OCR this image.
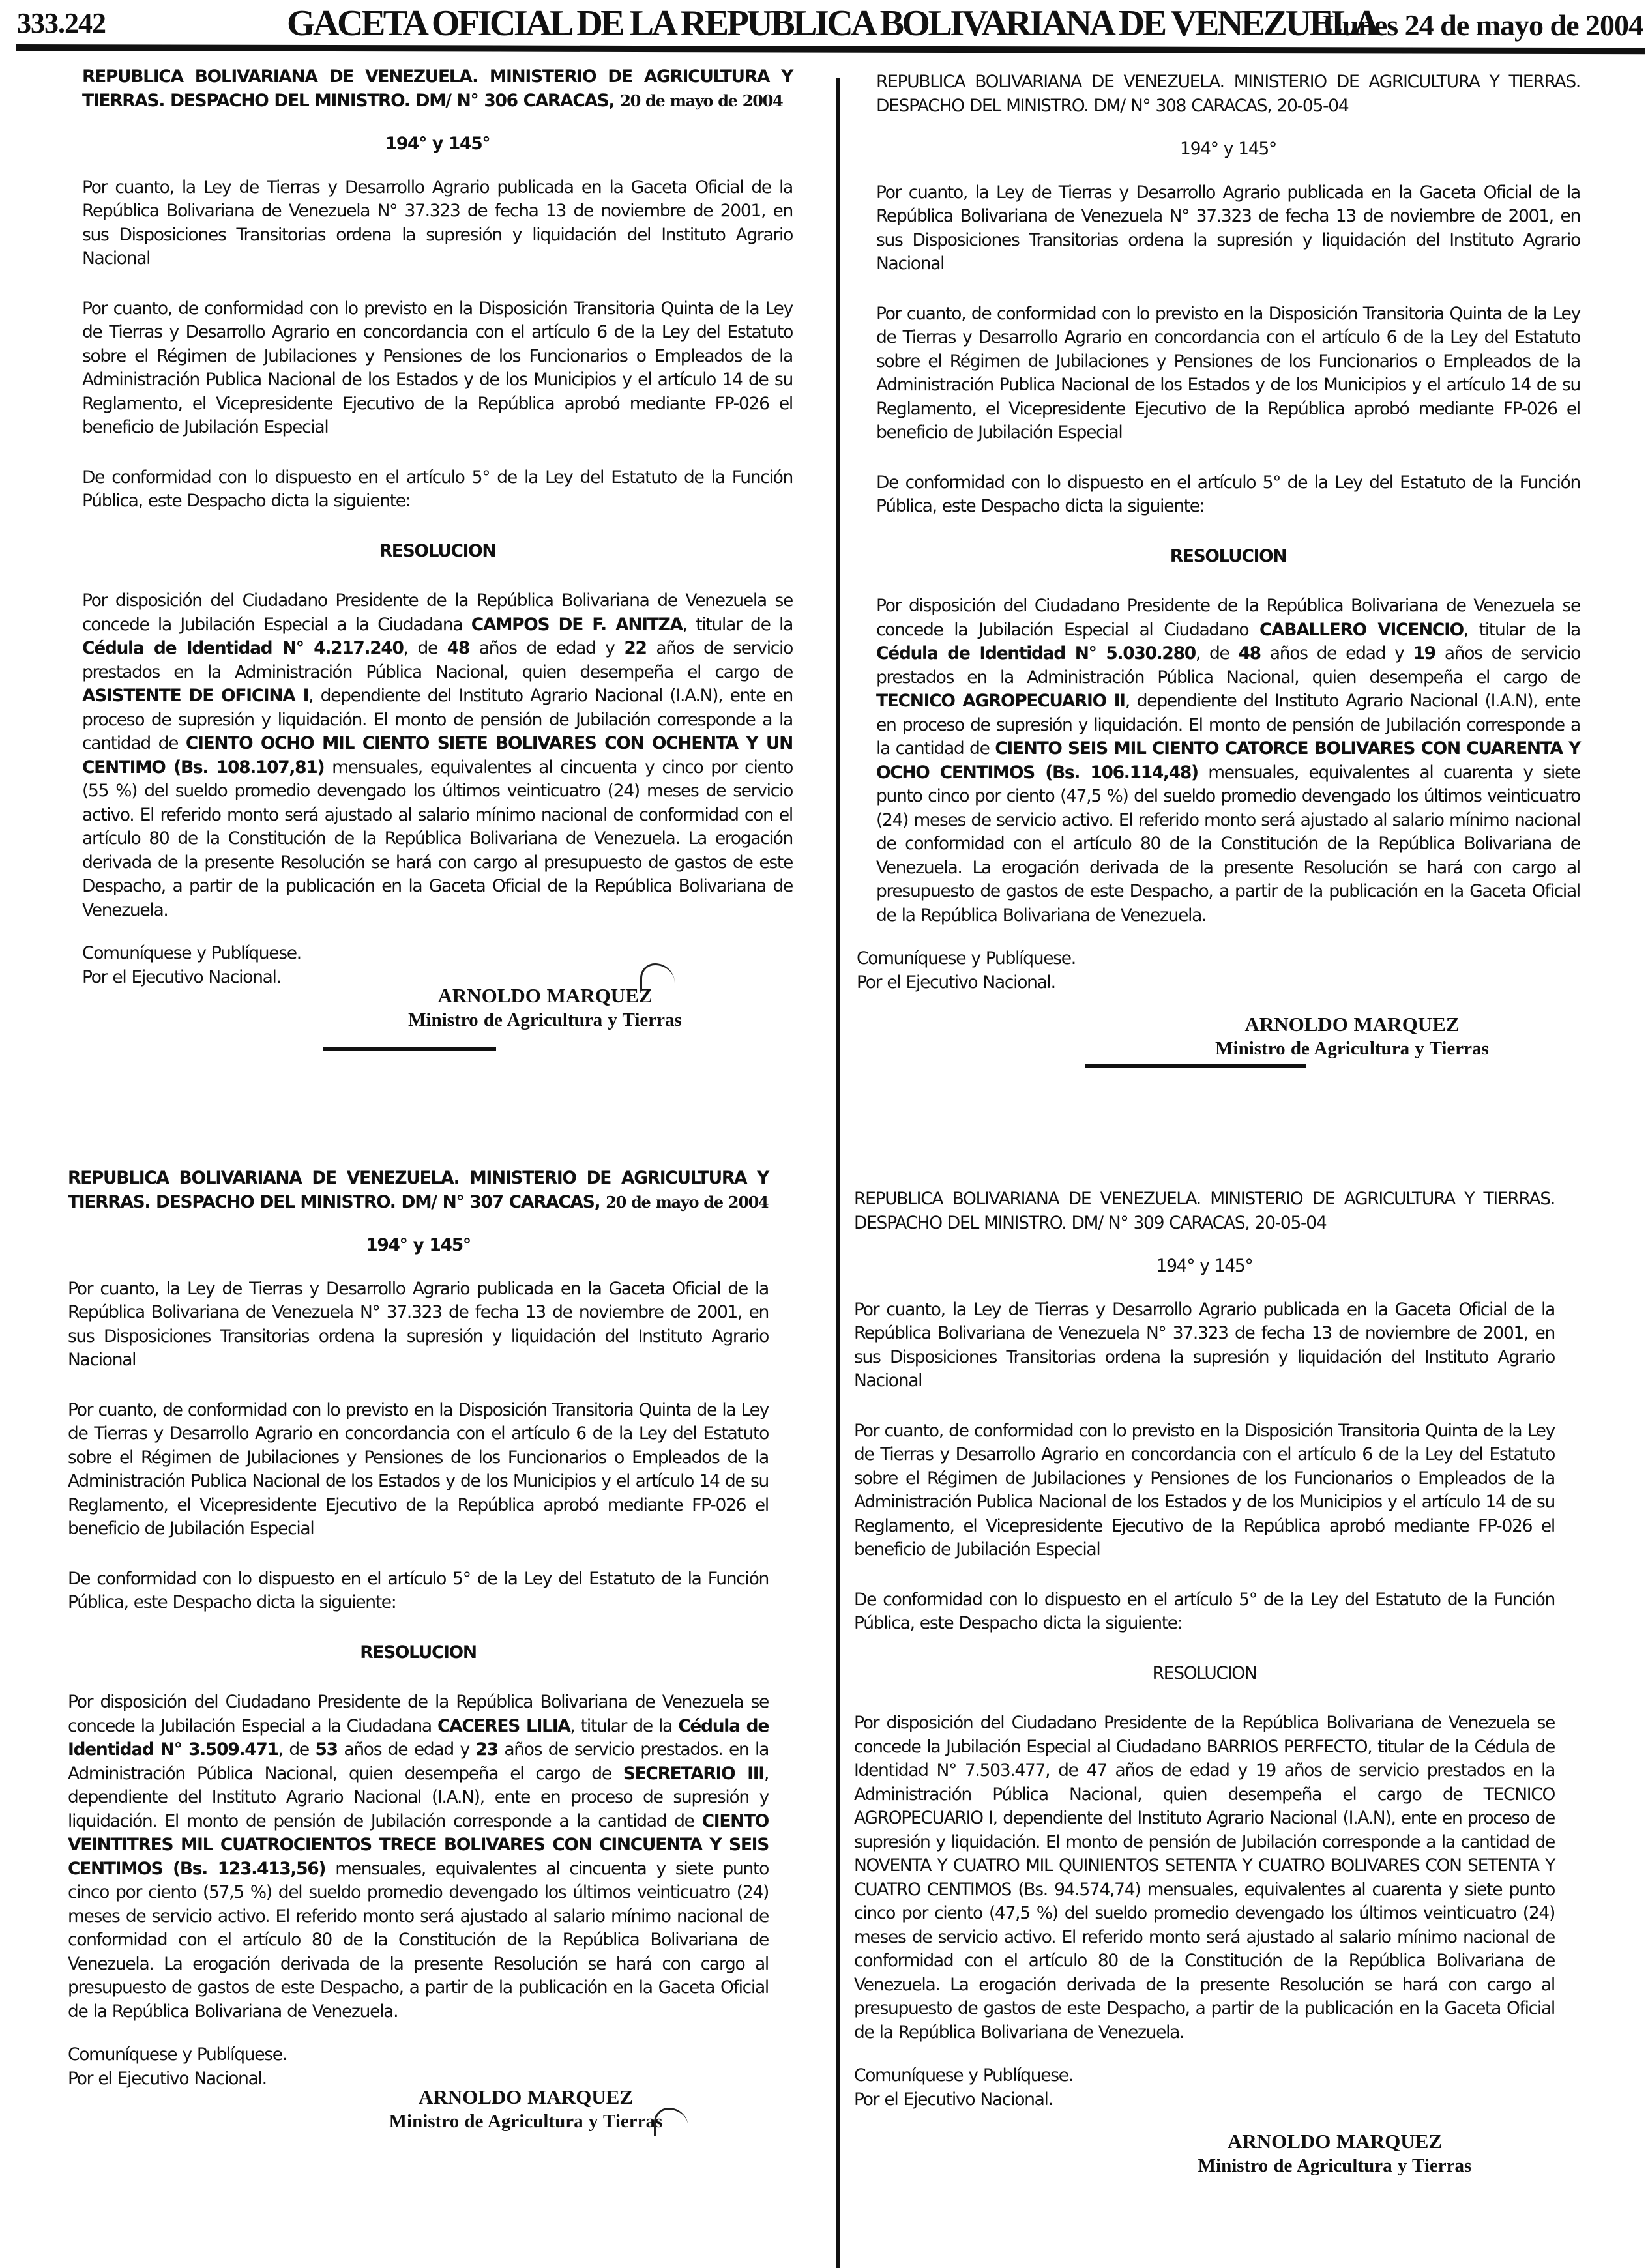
333.242	GACETA OFICIAL DE LA REPUBLICA BOLIVARIANA DE VENEZUELA
Lunes 24 de mayo de 2004
REPUBLICA BOLIVARIANA DE VENEZUELA. MINISTERIO DE AGRICULTURA Y TIERRAS. DESPACHO DEL MINISTRO. DM/ N° 306 CARACAS, 20 de mayo de 2004
194° y 145°
Por cuanto, la Ley de Tierras y Desarrollo Agrario publicada en la Gaceta Oficial de la República Bolivariana de Venezuela N° 37.323 de fecha 13 de noviembre de 2001, en sus Disposiciones Transitorias ordena la supresión y liquidación del Instituto Agrario Nacional
Por cuanto, de conformidad con lo previsto en la Disposición Transitoria Quinta de la Ley de Tierras y Desarrollo Agrario en concordancia con el artículo 6 de la Ley del Estatuto sobre el Régimen de Jubilaciones y Pensiones de los Funcionarios o Empleados de la Administración Publica Nacional de los Estados y de los Municipios y el artículo 14 de su Reglamento, el Vicepresidente Ejecutivo de la República aprobó mediante FP-026 el beneficio de Jubilación Especial
De conformidad con lo dispuesto en el artículo 5° de la Ley del Estatuto de la Función Pública, este Despacho dicta la siguiente:
RESOLUCION
Por disposición del Ciudadano Presidente de la República Bolivariana de Venezuela se concede la Jubilación Especial a la Ciudadana CAMPOS DE F. ANITZA, titular de la Cédula de Identidad N° 4.217.240, de 48 años de edad y 22 años de servicio prestados en la Administración Pública Nacional, quien desempeña el cargo de ASISTENTE DE OFICINA I, dependiente del Instituto Agrario Nacional (I.A.N), ente en proceso de supresión y liquidación. El monto de pensión de Jubilación corresponde a la cantidad de CIENTO OCHO MIL CIENTO SIETE BOLIVARES CON OCHENTA Y UN CENTIMO (Bs. 108.107,81) mensuales, equivalentes al cincuenta y cinco por ciento (55 %) del sueldo promedio devengado los últimos veinticuatro (24) meses de servicio activo. El referido monto será ajustado al salario mínimo nacional de conformidad con el artículo 80 de la Constitución de la República Bolivariana de Venezuela. La erogación derivada de la presente Resolución se hará con cargo al presupuesto de gastos de este Despacho, a partir de la publicación en la Gaceta Oficial de la República Bolivariana de Venezuela.
Comuníquese y Publíquese.
Por el Ejecutivo Nacional.
ARNOLDO MARQUEZ
Ministro de Agricultura y Tierras
REPUBLICA BOLIVARIANA DE VENEZUELA. MINISTERIO DE AGRICULTURA Y TIERRAS. DESPACHO DEL MINISTRO. DM/ N° 307 CARACAS, 20 de mayo de 2004
194° y 145°
Por cuanto, la Ley de Tierras y Desarrollo Agrario publicada en la Gaceta Oficial de la República Bolivariana de Venezuela N° 37.323 de fecha 13 de noviembre de 2001, en sus Disposiciones Transitorias ordena la supresión y liquidación del Instituto Agrario Nacional
Por cuanto, de conformidad con lo previsto en la Disposición Transitoria Quinta de la Ley de Tierras y Desarrollo Agrario en concordancia con el artículo 6 de la Ley del Estatuto sobre el Régimen de Jubilaciones y Pensiones de los Funcionarios o Empleados de la Administración Publica Nacional de los Estados y de los Municipios y el artículo 14 de su Reglamento, el Vicepresidente Ejecutivo de la República aprobó mediante FP-026 el beneficio de Jubilación Especial
De conformidad con lo dispuesto en el artículo 5° de la Ley del Estatuto de la Función Pública, este Despacho dicta la siguiente:
RESOLUCION
Por disposición del Ciudadano Presidente de la República Bolivariana de Venezuela se concede la Jubilación Especial a la Ciudadana CACERES LILIA, titular de la Cédula de Identidad N° 3.509.471, de 53 años de edad y 23 años de servicio prestados. en la Administración Pública Nacional, quien desempeña el cargo de SECRETARIO III, dependiente del Instituto Agrario Nacional (I.A.N), ente en proceso de supresión y liquidación. El monto de pensión de Jubilación corresponde a la cantidad de CIENTO VEINTITRES MIL CUATROCIENTOS TRECE BOLIVARES CON CINCUENTA Y SEIS CENTIMOS (Bs. 123.413,56) mensuales, equivalentes al cincuenta y siete punto cinco por ciento (57,5 %) del sueldo promedio devengado los últimos veinticuatro (24) meses de servicio activo. El referido monto será ajustado al salario mínimo nacional de conformidad con el artículo 80 de la Constitución de la República Bolivariana de Venezuela. La erogación derivada de la presente Resolución se hará con cargo al presupuesto de gastos de este Despacho, a partir de la publicación en la Gaceta Oficial de la República Bolivariana de Venezuela.
Comuníquese y Publíquese.
Por el Ejecutivo Nacional.
ARNOLDO MARQUEZ
Ministro de Agricultura y Tierras
REPUBLICA BOLIVARIANA DE VENEZUELA. MINISTERIO DE AGRICULTURA Y TIERRAS. DESPACHO DEL MINISTRO. DM/ N° 308 CARACAS, 20-05-04
194° y 145°
Por cuanto, la Ley de Tierras y Desarrollo Agrario publicada en la Gaceta Oficial de la República Bolivariana de Venezuela N° 37.323 de fecha 13 de noviembre de 2001, en sus Disposiciones Transitorias ordena la supresión y liquidación del Instituto Agrario Nacional
Por cuanto, de conformidad con lo previsto en la Disposición Transitoria Quinta de la Ley de Tierras y Desarrollo Agrario en concordancia con el artículo 6 de la Ley del Estatuto sobre el Régimen de Jubilaciones y Pensiones de los Funcionarios o Empleados de la Administración Publica Nacional de los Estados y de los Municipios y el artículo 14 de su Reglamento, el Vicepresidente Ejecutivo de la República aprobó mediante FP-026 el beneficio de Jubilación Especial
De conformidad con lo dispuesto en el artículo 5° de la Ley del Estatuto de la Función Pública, este Despacho dicta la siguiente:
RESOLUCION
Por disposición del Ciudadano Presidente de la República Bolivariana de Venezuela se concede la Jubilación Especial al Ciudadano CABALLERO VICENCIO, titular de la Cédula de Identidad N° 5.030.280, de 48 años de edad y 19 años de servicio prestados en la Administración Pública Nacional, quien desempeña el cargo de TECNICO AGROPECUARIO II, dependiente del Instituto Agrario Nacional (I.A.N), ente en proceso de supresión y liquidación. El monto de pensión de Jubilación corresponde a la cantidad de CIENTO SEIS MIL CIENTO CATORCE BOLIVARES CON CUARENTA Y OCHO CENTIMOS (Bs. 106.114,48) mensuales, equivalentes al cuarenta y siete punto cinco por ciento (47,5 %) del sueldo promedio devengado los últimos veinticuatro (24) meses de servicio activo. El referido monto será ajustado al salario mínimo nacional de conformidad con el artículo 80 de la Constitución de la República Bolivariana de Venezuela. La erogación derivada de la presente Resolución se hará con cargo al presupuesto de gastos de este Despacho, a partir de la publicación en la Gaceta Oficial de la República Bolivariana de Venezuela.
Comuníquese y Publíquese.
Por el Ejecutivo Nacional.
ARNOLDO MARQUEZ
Ministro de Agricultura y Tierras
REPUBLICA BOLIVARIANA DE VENEZUELA. MINISTERIO DE AGRICULTURA Y TIERRAS. DESPACHO DEL MINISTRO. DM/ N° 309 CARACAS, 20-05-04
194° y 145°
Por cuanto, la Ley de Tierras y Desarrollo Agrario publicada en la Gaceta Oficial de la República Bolivariana de Venezuela N° 37.323 de fecha 13 de noviembre de 2001, en sus Disposiciones Transitorias ordena la supresión y liquidación del Instituto Agrario Nacional
Por cuanto, de conformidad con lo previsto en la Disposición Transitoria Quinta de la Ley de Tierras y Desarrollo Agrario en concordancia con el artículo 6 de la Ley del Estatuto sobre el Régimen de Jubilaciones y Pensiones de los Funcionarios o Empleados de la Administración Publica Nacional de los Estados y de los Municipios y el artículo 14 de su Reglamento, el Vicepresidente Ejecutivo de la República aprobó mediante FP-026 el beneficio de Jubilación Especial
De conformidad con lo dispuesto en el artículo 5° de la Ley del Estatuto de la Función Pública, este Despacho dicta la siguiente:
RESOLUCION
Por disposición del Ciudadano Presidente de la República Bolivariana de Venezuela se concede la Jubilación Especial al Ciudadano BARRIOS PERFECTO, titular de la Cédula de Identidad N° 7.503.477, de 47 años de edad y 19 años de servicio prestados en la Administración Pública Nacional, quien desempeña el cargo de TECNICO AGROPECUARIO I, dependiente del Instituto Agrario Nacional (I.A.N), ente en proceso de supresión y liquidación. El monto de pensión de Jubilación corresponde a la cantidad de NOVENTA Y CUATRO MIL QUINIENTOS SETENTA Y CUATRO BOLIVARES CON SETENTA Y CUATRO CENTIMOS (Bs. 94.574,74) mensuales, equivalentes al cuarenta y siete punto cinco por ciento (47,5 %) del sueldo promedio devengado los últimos veinticuatro (24) meses de servicio activo. El referido monto será ajustado al salario mínimo nacional de conformidad con el artículo 80 de la Constitución de la República Bolivariana de Venezuela. La erogación derivada de la presente Resolución se hará con cargo al presupuesto de gastos de este Despacho, a partir de la publicación en la Gaceta Oficial de la República Bolivariana de Venezuela.
Comuníquese y Publíquese.
Por el Ejecutivo Nacional.
ARNOLDO MARQUEZ
Ministro de Agricultura y Tierras
